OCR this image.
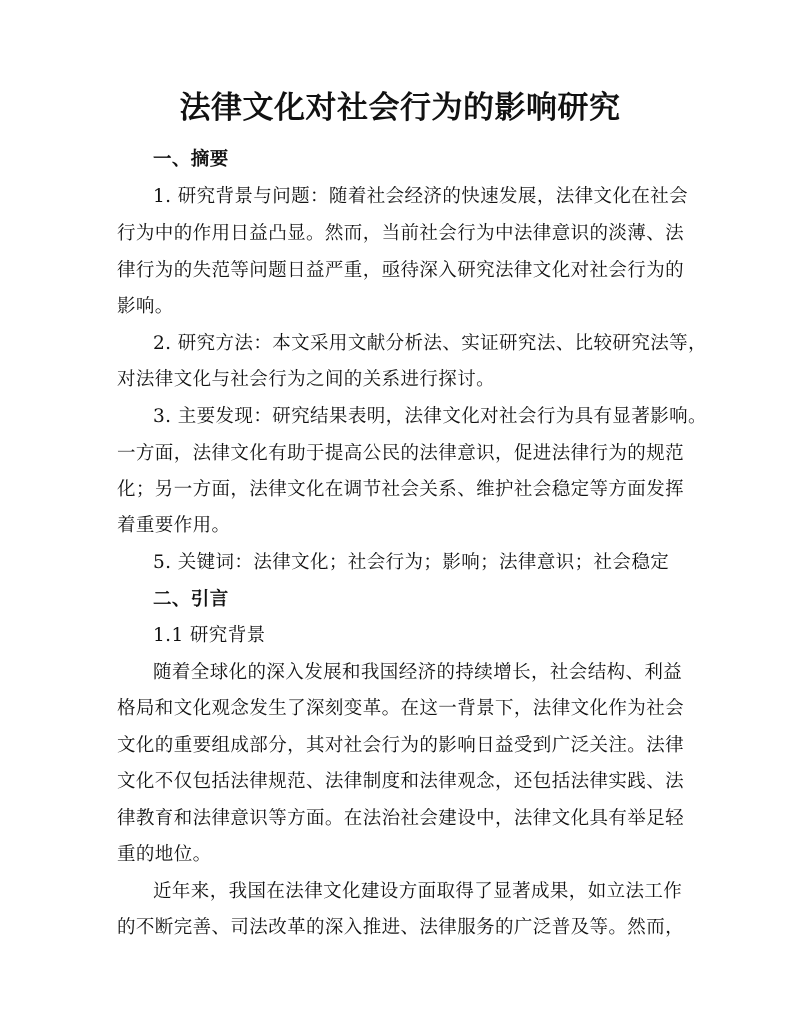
法律文化对社会行为的影响研究
一、摘要
1. 研究背景与问题：随着社会经济的快速发展，法律文化在社会
行为中的作用日益凸显。然而，当前社会行为中法律意识的淡薄、法
律行为的失范等问题日益严重，亟待深入研究法律文化对社会行为的
影响。
2. 研究方法：本文采用文献分析法、实证研究法、比较研究法等，
对法律文化与社会行为之间的关系进行探讨。
3. 主要发现：研究结果表明，法律文化对社会行为具有显著影响。
一方面，法律文化有助于提高公民的法律意识，促进法律行为的规范
化；另一方面，法律文化在调节社会关系、维护社会稳定等方面发挥
着重要作用。
5. 关键词：法律文化；社会行为；影响；法律意识；社会稳定
二、引言
1.1 研究背景
随着全球化的深入发展和我国经济的持续增长，社会结构、利益
格局和文化观念发生了深刻变革。在这一背景下，法律文化作为社会
文化的重要组成部分，其对社会行为的影响日益受到广泛关注。法律
文化不仅包括法律规范、法律制度和法律观念，还包括法律实践、法
律教育和法律意识等方面。在法治社会建设中，法律文化具有举足轻
重的地位。
近年来，我国在法律文化建设方面取得了显著成果，如立法工作
的不断完善、司法改革的深入推进、法律服务的广泛普及等。然而，
